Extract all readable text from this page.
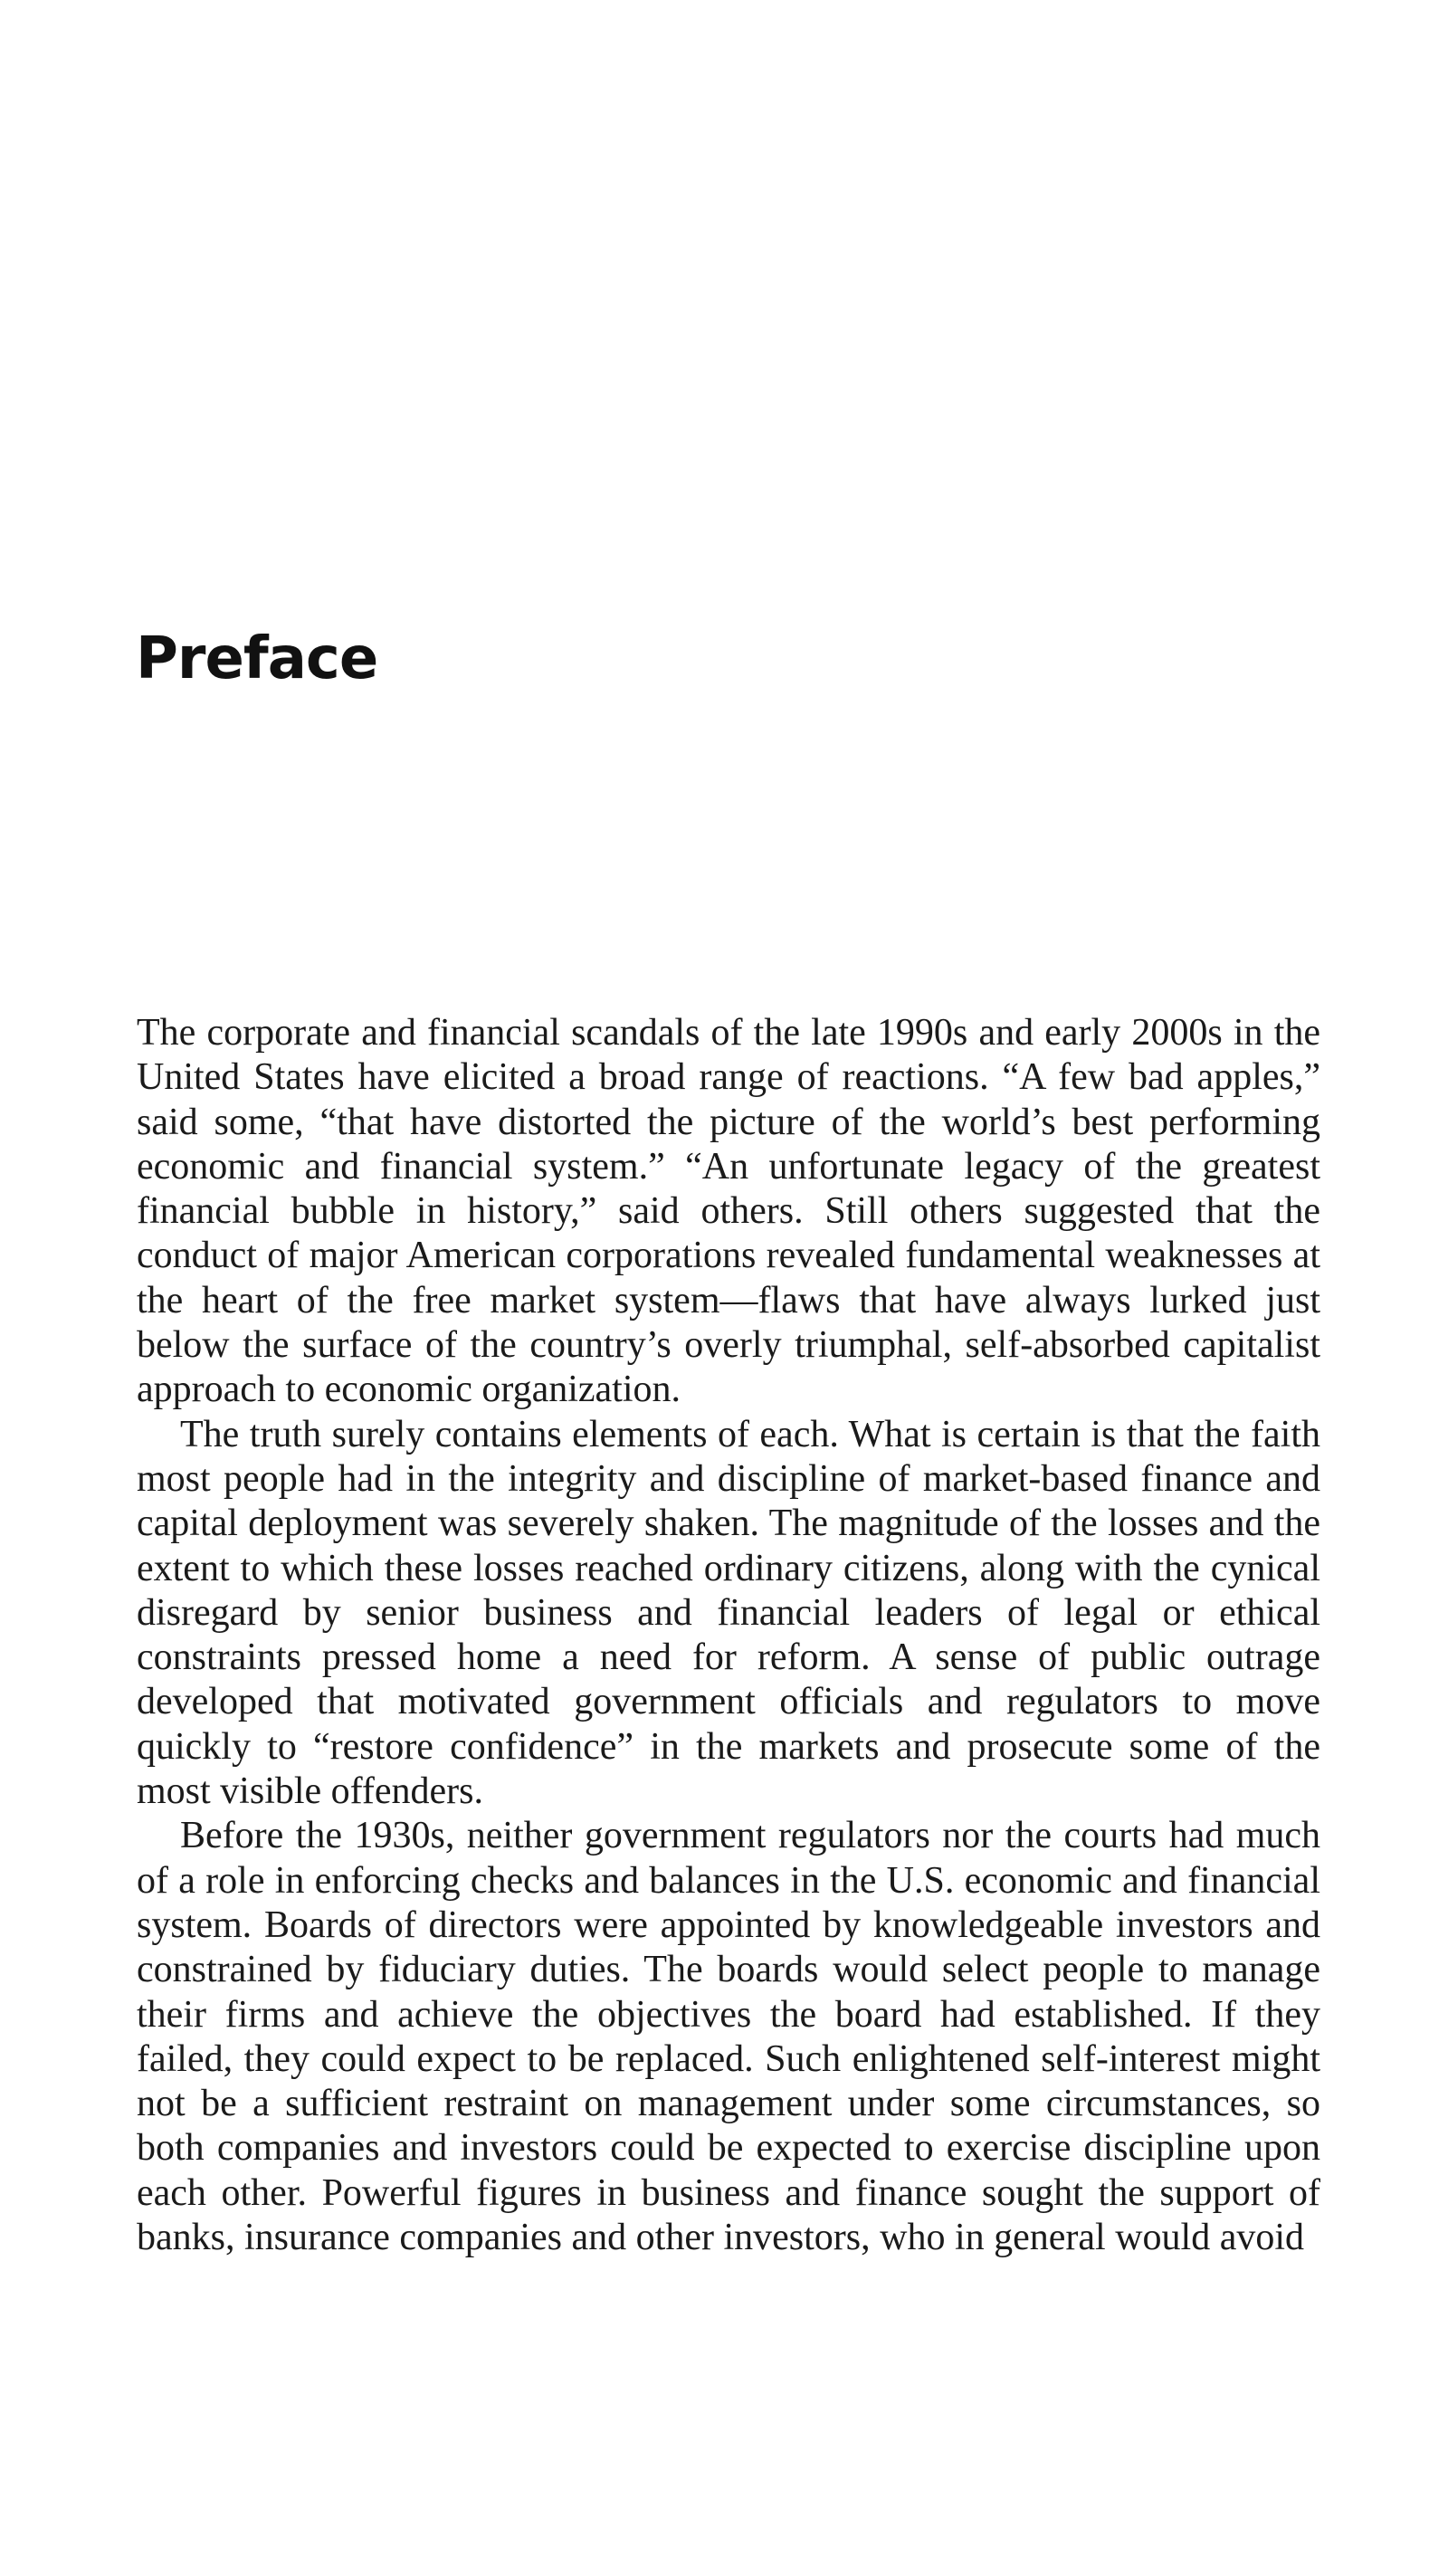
Preface

The corporate and financial scandals of the late 1990s and early 2000s in the United States have elicited a broad range of reactions. “A few bad apples,” said some, “that have distorted the picture of the world’s best performing economic and financial system.” “An unfortunate legacy of the greatest financial bubble in history,” said others. Still others suggested that the conduct of major American corporations revealed fundamental weaknesses at the heart of the free market system—flaws that have always lurked just below the surface of the country’s overly triumphal, self-absorbed capitalist approach to economic organization.

The truth surely contains elements of each. What is certain is that the faith most people had in the integrity and discipline of market-based finance and capital deployment was severely shaken. The magnitude of the losses and the extent to which these losses reached ordinary citizens, along with the cynical disregard by senior business and financial leaders of legal or ethical constraints pressed home a need for reform. A sense of public outrage developed that motivated government officials and regulators to move quickly to “restore confidence” in the markets and prosecute some of the most visible offenders.

Before the 1930s, neither government regulators nor the courts had much of a role in enforcing checks and balances in the U.S. economic and financial system. Boards of directors were appointed by knowledgeable investors and constrained by fiduciary duties. The boards would select people to manage their firms and achieve the objectives the board had established. If they failed, they could expect to be replaced. Such enlightened self-interest might not be a sufficient restraint on management under some circumstances, so both companies and investors could be expected to exercise discipline upon each other. Powerful figures in business and finance sought the support of banks, insurance companies and other investors, who in general would avoid
